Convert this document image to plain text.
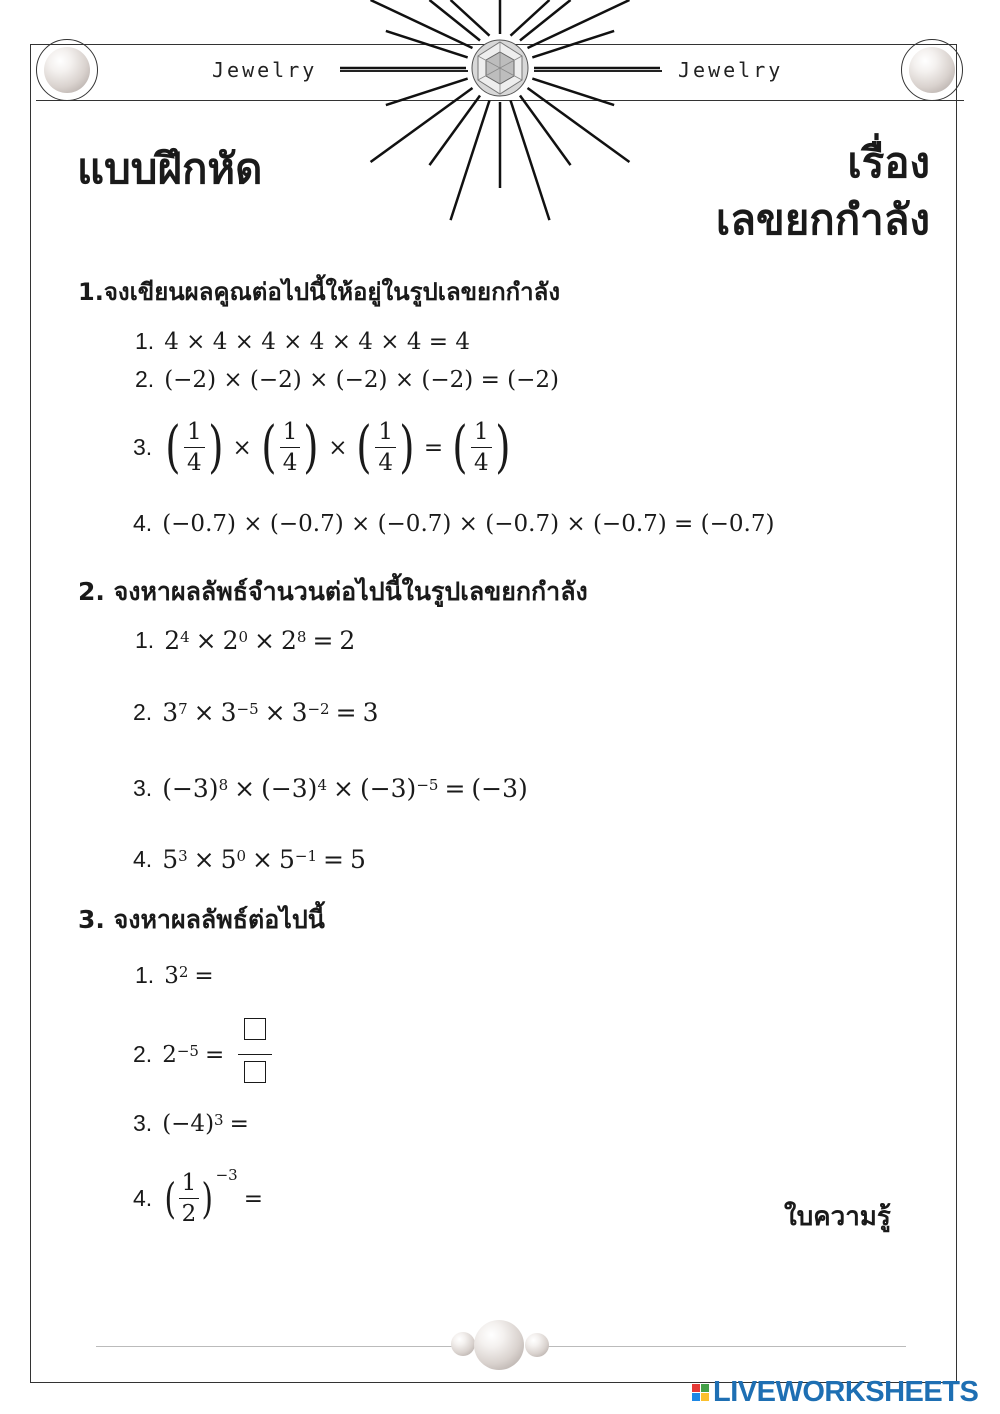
Jewelry	Jewelry
แบบฝึกหัด	เรื่อง
เลขยกกำลัง
1.จงเขียนผลคูณต่อไปนี้ให้อยู่ในรูปเลขยกกำลัง
1. 4 × 4 × 4 × 4 × 4 × 4 = 4
2. (−2) × (−2) × (−2) × (−2) = (−2)
3. ( $\frac{1}{4}$ ) × ( $\frac{1}{4}$ ) × ( $\frac{1}{4}$ ) = ( $\frac{1}{4}$ )
4. (−0.7) × (−0.7) × (−0.7) × (−0.7) × (−0.7) = (−0.7)
2. จงหาผลลัพธ์จำนวนต่อไปนี้ในรูปเลขยกกำลัง
1. $2^4 \times 2^0 \times 2^8 = 2$
2. $3^7 \times 3^{-5} \times 3^{-2} = 3$
3. $(-3)^8 \times (-3)^4 \times (-3)^{-5} = (-3)$
4. $5^3 \times 5^0 \times 5^{-1} = 5$
3. จงหาผลลัพธ์ต่อไปนี้
1. $3^2$ =
2. $2^{-5}$ =
3. $(-4)^3$ =
4. ( $\frac{1}{2} )^{-3}$
=
ใบความรู้
LIVEWORKSHEETS
